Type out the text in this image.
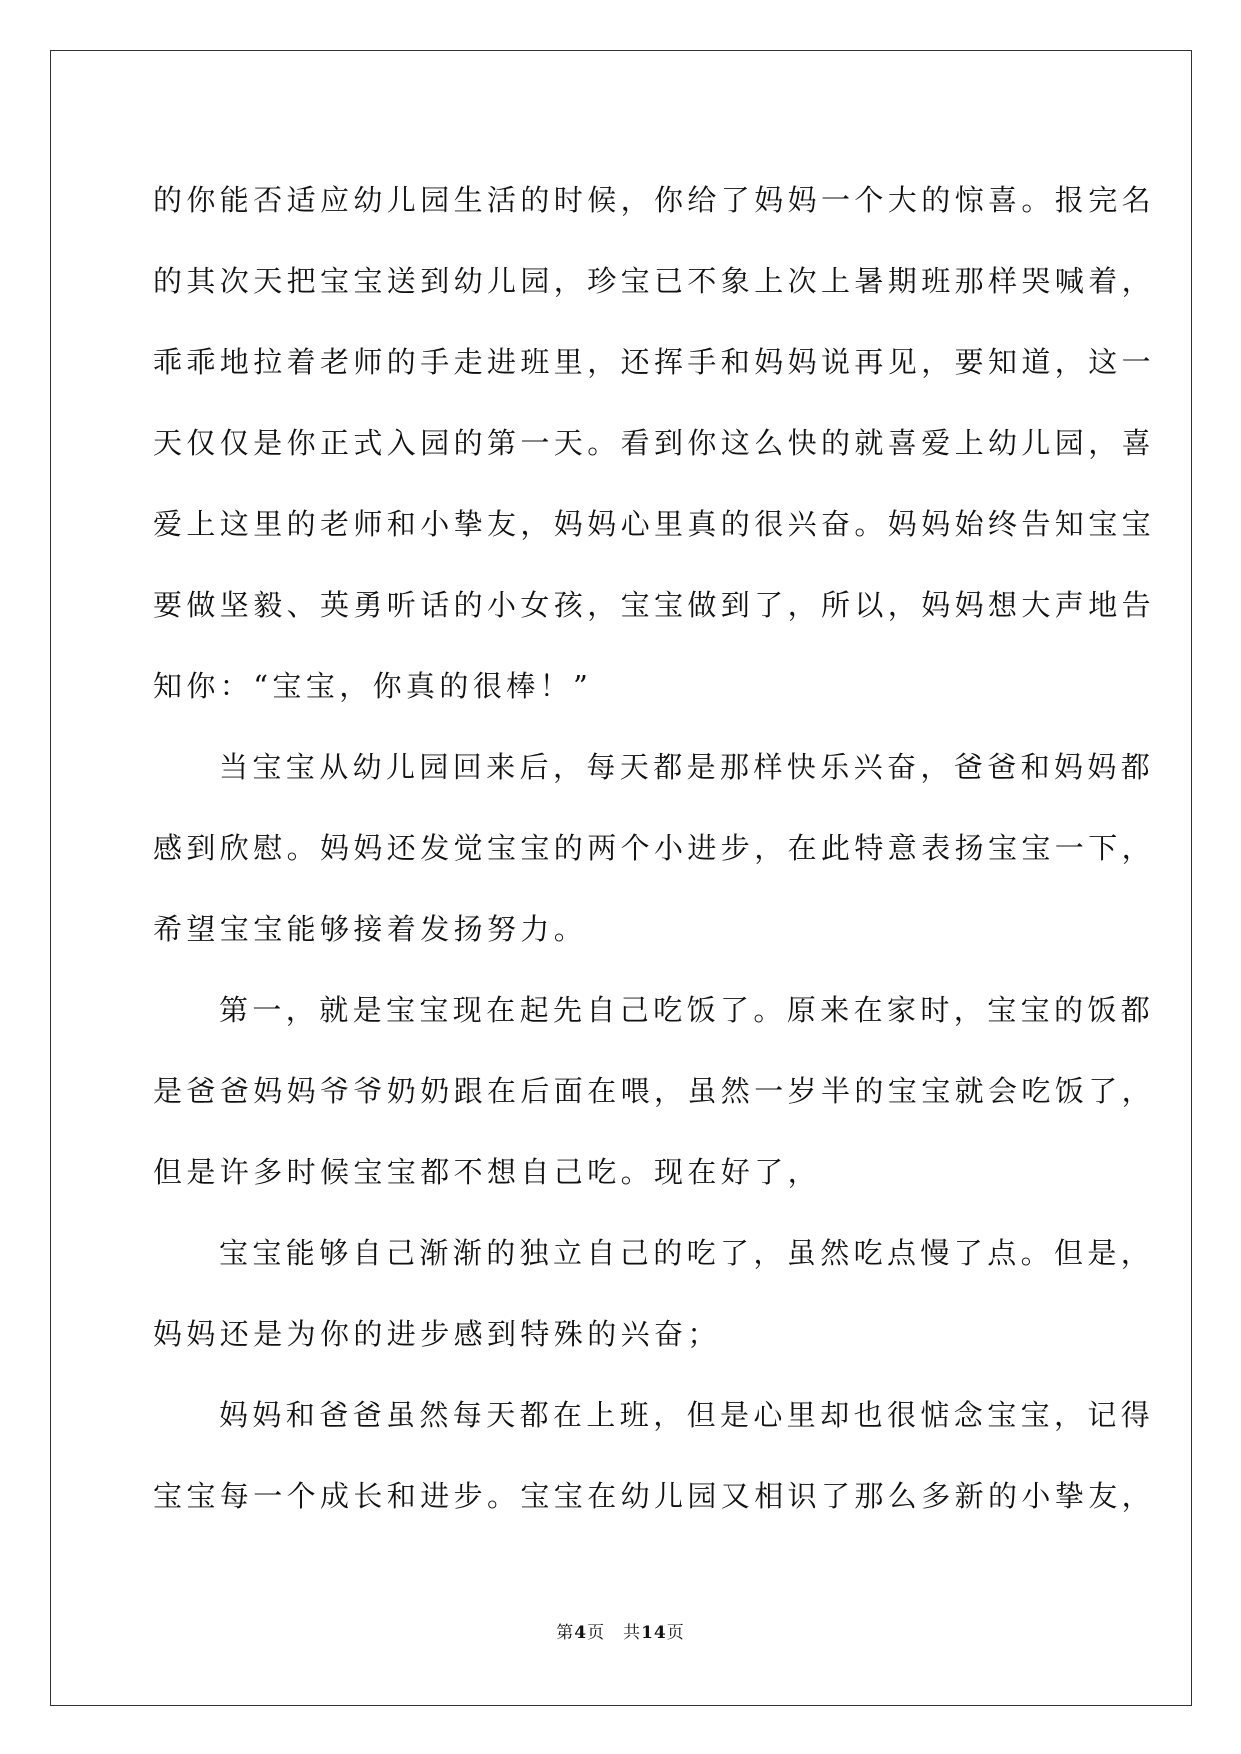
的你能否适应幼儿园生活的时候，你给了妈妈一个大的惊喜。报完名
的其次天把宝宝送到幼儿园，珍宝已不象上次上暑期班那样哭喊着，
乖乖地拉着老师的手走进班里，还挥手和妈妈说再见，要知道，这一
天仅仅是你正式入园的第一天。看到你这么快的就喜爱上幼儿园，喜
爱上这里的老师和小挚友，妈妈心里真的很兴奋。妈妈始终告知宝宝
要做坚毅、英勇听话的小女孩，宝宝做到了，所以，妈妈想大声地告
知你：“宝宝，你真的很棒！”
当宝宝从幼儿园回来后，每天都是那样快乐兴奋，爸爸和妈妈都
感到欣慰。妈妈还发觉宝宝的两个小进步，在此特意表扬宝宝一下，
希望宝宝能够接着发扬努力。
第一，就是宝宝现在起先自己吃饭了。原来在家时，宝宝的饭都
是爸爸妈妈爷爷奶奶跟在后面在喂，虽然一岁半的宝宝就会吃饭了，
但是许多时候宝宝都不想自己吃。现在好了，
宝宝能够自己渐渐的独立自己的吃了，虽然吃点慢了点。但是，
妈妈还是为你的进步感到特殊的兴奋；
妈妈和爸爸虽然每天都在上班，但是心里却也很惦念宝宝，记得
宝宝每一个成长和进步。宝宝在幼儿园又相识了那么多新的小挚友，
第4页 共14页
